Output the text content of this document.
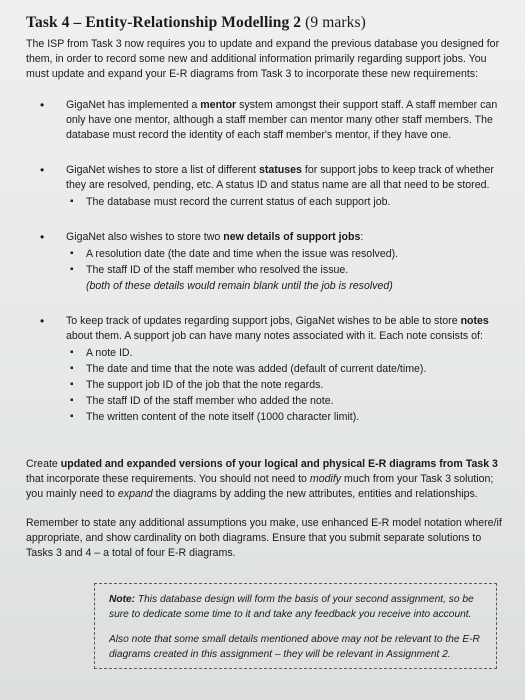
Task 4 – Entity-Relationship Modelling 2 (9 marks)

The ISP from Task 3 now requires you to update and expand the previous database you designed for them, in order to record some new and additional information primarily regarding support jobs. You must update and expand your E-R diagrams from Task 3 to incorporate these new requirements:

• GigaNet has implemented a mentor system amongst their support staff. A staff member can only have one mentor, although a staff member can mentor many other staff members. The database must record the identity of each staff member's mentor, if they have one.
• GigaNet wishes to store a list of different statuses for support jobs to keep track of whether they are resolved, pending, etc. A status ID and status name are all that need to be stored.
▪ The database must record the current status of each support job.
• GigaNet also wishes to store two new details of support jobs:
▪ A resolution date (the date and time when the issue was resolved).
▪ The staff ID of the staff member who resolved the issue.
(both of these details would remain blank until the job is resolved)
• To keep track of updates regarding support jobs, GigaNet wishes to be able to store notes about them. A support job can have many notes associated with it. Each note consists of:
▪ A note ID.
▪ The date and time that the note was added (default of current date/time).
▪ The support job ID of the job that the note regards.
▪ The staff ID of the staff member who added the note.
▪ The written content of the note itself (1000 character limit).

Create updated and expanded versions of your logical and physical E-R diagrams from Task 3 that incorporate these requirements. You should not need to modify much from your Task 3 solution; you mainly need to expand the diagrams by adding the new attributes, entities and relationships.

Remember to state any additional assumptions you make, use enhanced E-R model notation where/if appropriate, and show cardinality on both diagrams. Ensure that you submit separate solutions to Tasks 3 and 4 – a total of four E-R diagrams.

Note: This database design will form the basis of your second assignment, so be sure to dedicate some time to it and take any feedback you receive into account.

Also note that some small details mentioned above may not be relevant to the E-R diagrams created in this assignment – they will be relevant in Assignment 2.
